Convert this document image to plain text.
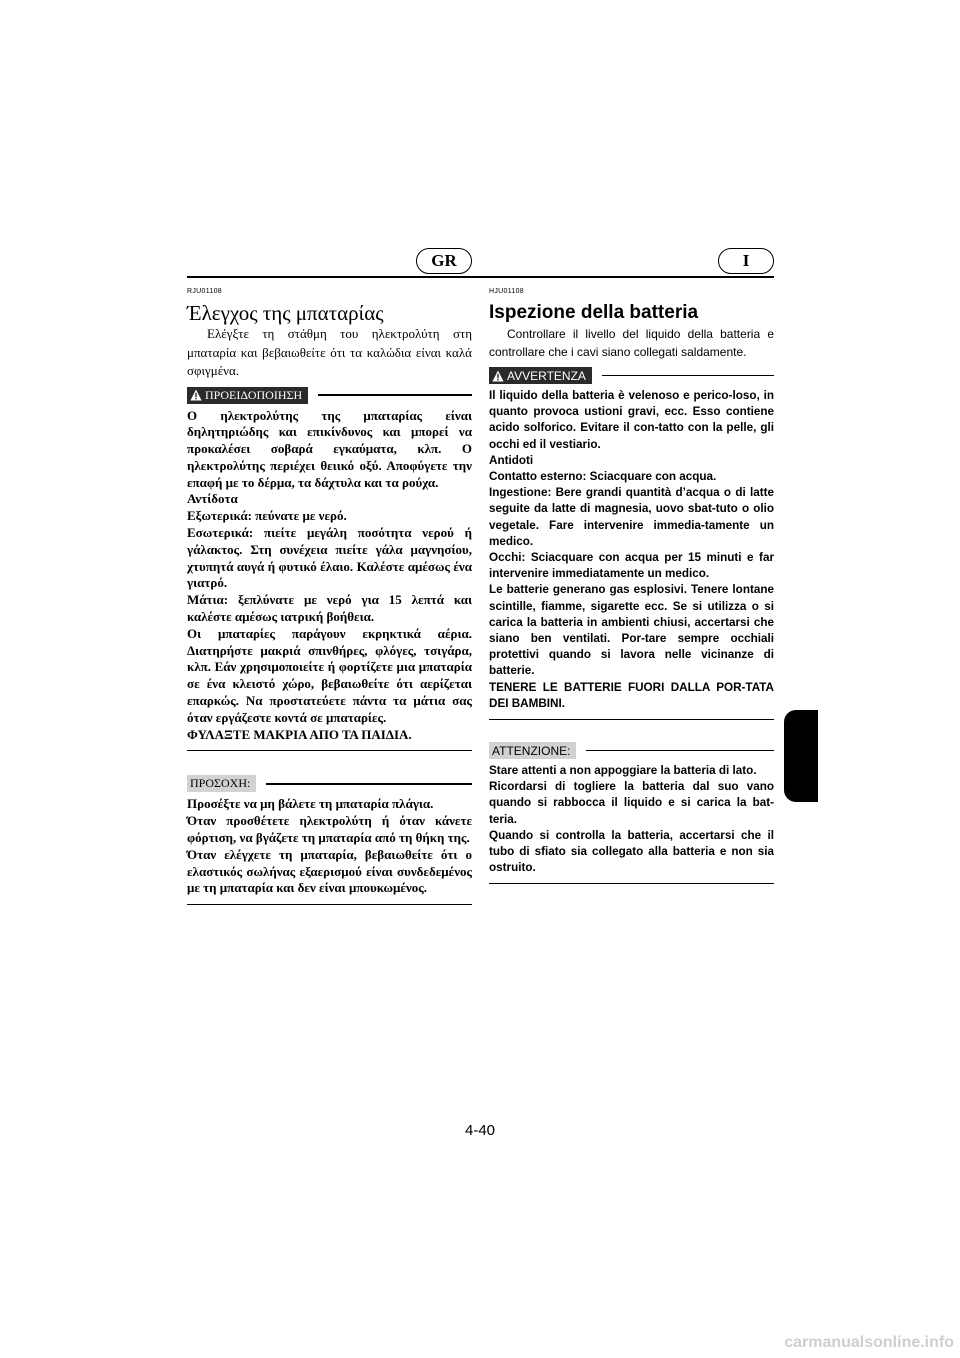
GR	I
RJU01108
Έλεγχος της μπαταρίας

Ελέγξτε τη στάθμη του ηλεκτρολύτη στη μπαταρία και βεβαιωθείτε ότι τα καλώδια είναι καλά σφιγμένα.

ΠΡΟΕΙΔΟΠΟΙΗΣΗ

Ο ηλεκτρολύτης της μπαταρίας είναι δηλητηριώδης και επικίνδυνος και μπορεί να προκαλέσει σοβαρά εγκαύματα, κλπ. Ο ηλεκτρολύτης περιέχει θειικό οξύ. Αποφύγετε την επαφή με το δέρμα, τα δάχτυλα και τα ρούχα.

Αντίδοτα

Εξωτερικά: πεύνατε με νερό.

Εσωτερικά: πιείτε μεγάλη ποσότητα νερού ή γάλακτος. Στη συνέχεια πιείτε γάλα μαγνησίου, χτυπητά αυγά ή φυτικό έλαιο. Καλέστε αμέσως ένα γιατρό.

Μάτια: ξεπλύνατε με νερό για 15 λεπτά και καλέστε αμέσως ιατρική βοήθεια.

Οι μπαταρίες παράγουν εκρηκτικά αέρια. Διατηρήστε μακριά σπινθήρες, φλόγες, τσιγάρα, κλπ. Εάν χρησιμοποιείτε ή φορτίζετε μια μπαταρία σε ένα κλειστό χώρο, βεβαιωθείτε ότι αερίζεται επαρκώς. Να προστατεύετε πάντα τα μάτια σας όταν εργάζεστε κοντά σε μπαταρίες.

ΦΥΛΑΞΤΕ ΜΑΚΡΙΑ ΑΠΟ ΤΑ ΠΑΙΔΙΑ.

ΠΡΟΣΟΧΗ:

Προσέξτε να μη βάλετε τη μπαταρία πλάγια.

Όταν προσθέτετε ηλεκτρολύτη ή όταν κάνετε φόρτιση, να βγάζετε τη μπαταρία από τη θήκη της.

Όταν ελέγχετε τη μπαταρία, βεβαιωθείτε ότι ο ελαστικός σωλήνας εξαερισμού είναι συνδεδεμένος με τη μπαταρία και δεν είναι μπουκωμένος.

HJU01108
Ispezione della batteria

Controllare il livello del liquido della batteria e controllare che i cavi siano collegati saldamente.

AVVERTENZA

Il liquido della batteria è velenoso e perico-loso, in quanto provoca ustioni gravi, ecc. Esso contiene acido solforico. Evitare il con-tatto con la pelle, gli occhi ed il vestiario.

Antidoti

Contatto esterno: Sciacquare con acqua.

Ingestione: Bere grandi quantità d’acqua o di latte seguite da latte di magnesia, uovo sbat-tuto o olio vegetale. Fare intervenire immedia-tamente un medico.

Occhi: Sciacquare con acqua per 15 minuti e far intervenire immediatamente un medico.

Le batterie generano gas esplosivi. Tenere lontane scintille, fiamme, sigarette ecc. Se si utilizza o si carica la batteria in ambienti chiusi, accertarsi che siano ben ventilati. Por-tare sempre occhiali protettivi quando si lavora nelle vicinanze di batterie.

TENERE LE BATTERIE FUORI DALLA POR-TATA DEI BAMBINI.

ATTENZIONE:

Stare attenti a non appoggiare la batteria di lato.

Ricordarsi di togliere la batteria dal suo vano quando si rabbocca il liquido e si carica la bat-teria.

Quando si controlla la batteria, accertarsi che il tubo di sfiato sia collegato alla batteria e non sia ostruito.

4-40
carmanualsonline.info
